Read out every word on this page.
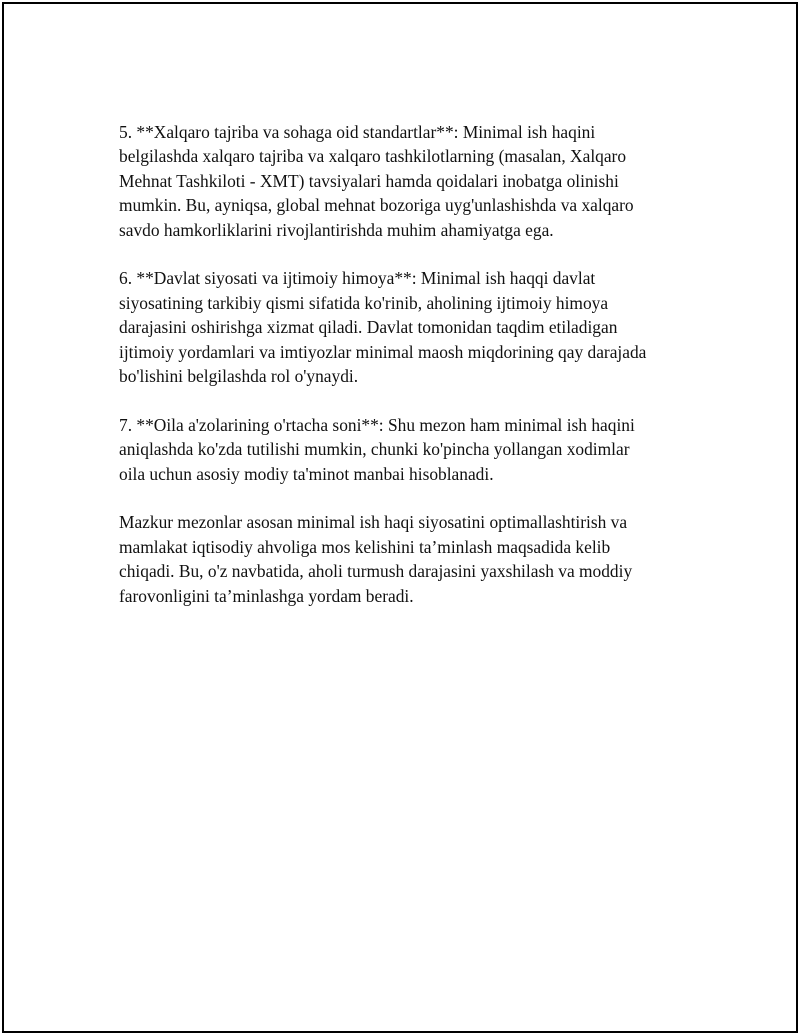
5. **Xalqaro tajriba va sohaga oid standartlar**: Minimal ish haqini
belgilashda xalqaro tajriba va xalqaro tashkilotlarning (masalan, Xalqaro
Mehnat Tashkiloti - XMT) tavsiyalari hamda qoidalari inobatga olinishi
mumkin. Bu, ayniqsa, global mehnat bozoriga uyg'unlashishda va xalqaro
savdo hamkorliklarini rivojlantirishda muhim ahamiyatga ega.

6. **Davlat siyosati va ijtimoiy himoya**: Minimal ish haqqi davlat
siyosatining tarkibiy qismi sifatida ko'rinib, aholining ijtimoiy himoya
darajasini oshirishga xizmat qiladi. Davlat tomonidan taqdim etiladigan
ijtimoiy yordamlari va imtiyozlar minimal maosh miqdorining qay darajada
bo'lishini belgilashda rol o'ynaydi.

7. **Oila a'zolarining o'rtacha soni**: Shu mezon ham minimal ish haqini
aniqlashda ko'zda tutilishi mumkin, chunki ko'pincha yollangan xodimlar
oila uchun asosiy modiy ta'minot manbai hisoblanadi.

Mazkur mezonlar asosan minimal ish haqi siyosatini optimallashtirish va
mamlakat iqtisodiy ahvoliga mos kelishini ta’minlash maqsadida kelib
chiqadi. Bu, o'z navbatida, aholi turmush darajasini yaxshilash va moddiy
farovonligini ta’minlashga yordam beradi.
